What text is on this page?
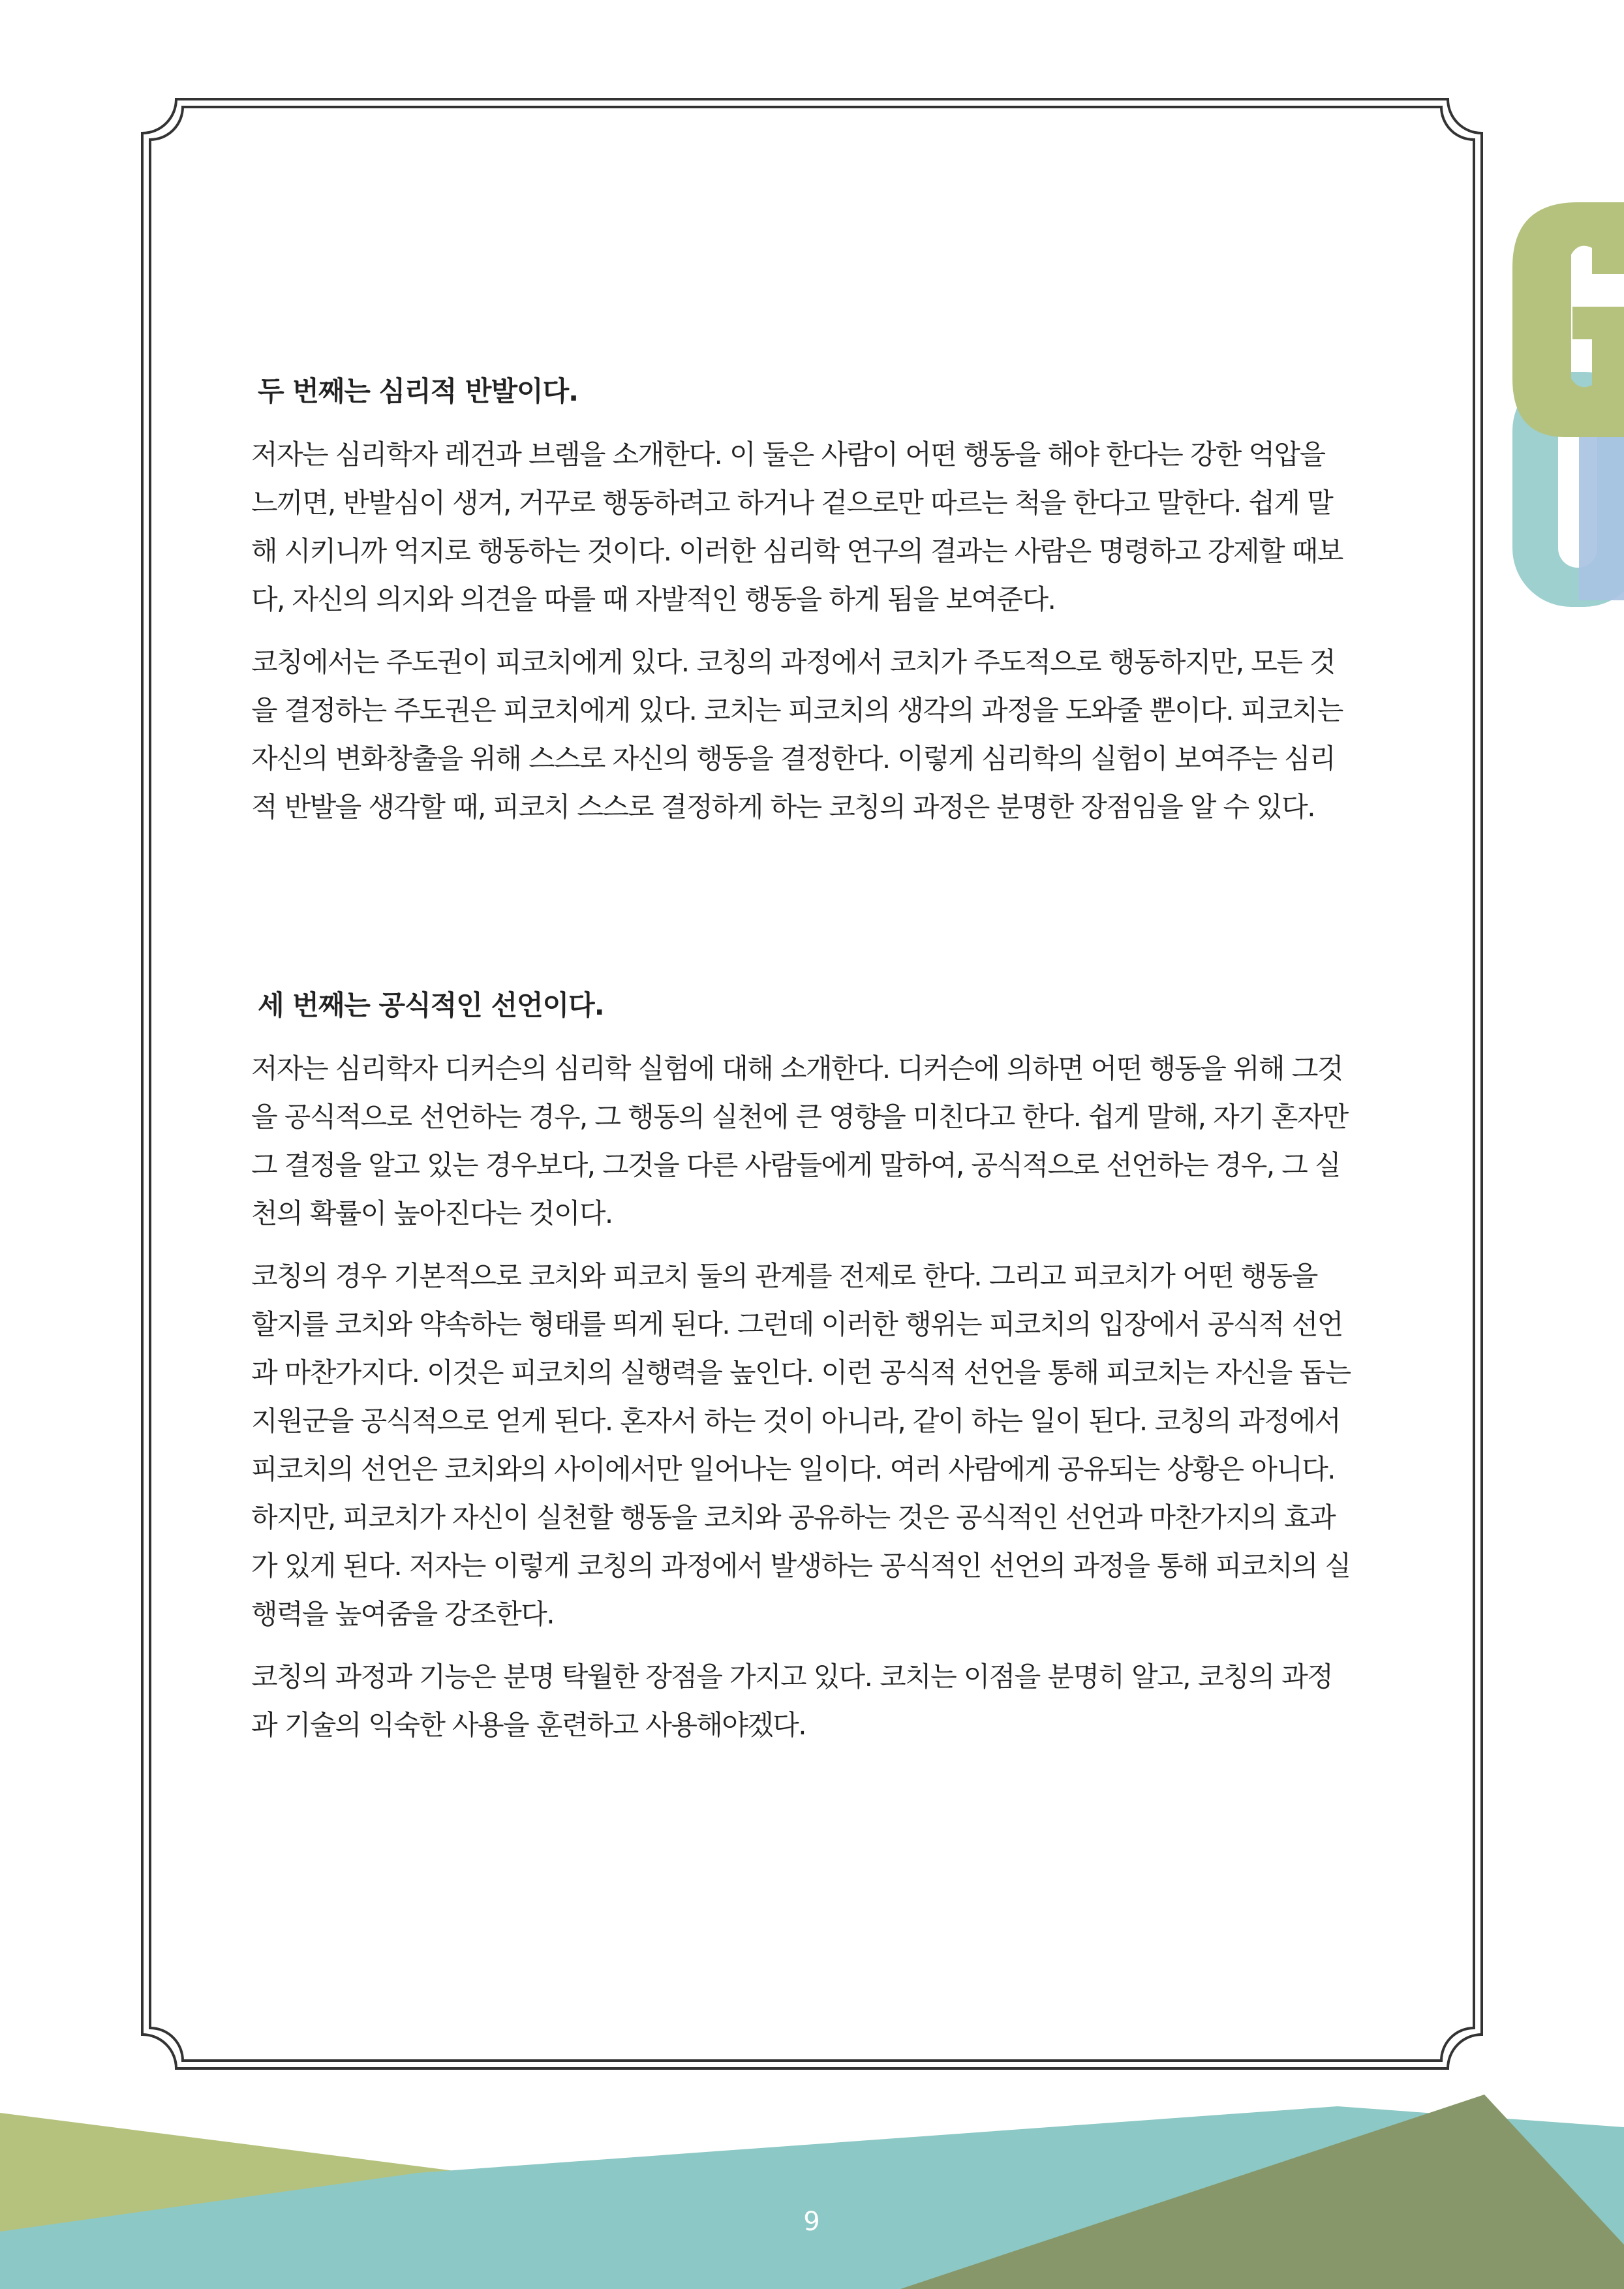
두 번째는 심리적 반발이다.

저자는 심리학자 레건과 브렘을 소개한다. 이 둘은 사람이 어떤 행동을 해야 한다는 강한 억압을
느끼면, 반발심이 생겨, 거꾸로 행동하려고 하거나 겉으로만 따르는 척을 한다고 말한다. 쉽게 말
해 시키니까 억지로 행동하는 것이다. 이러한 심리학 연구의 결과는 사람은 명령하고 강제할 때보
다, 자신의 의지와 의견을 따를 때 자발적인 행동을 하게 됨을 보여준다.

코칭에서는 주도권이 피코치에게 있다. 코칭의 과정에서 코치가 주도적으로 행동하지만, 모든 것
을 결정하는 주도권은 피코치에게 있다. 코치는 피코치의 생각의 과정을 도와줄 뿐이다. 피코치는
자신의 변화창출을 위해 스스로 자신의 행동을 결정한다. 이렇게 심리학의 실험이 보여주는 심리
적 반발을 생각할 때, 피코치 스스로 결정하게 하는 코칭의 과정은 분명한 장점임을 알 수 있다.

세 번째는 공식적인 선언이다.

저자는 심리학자 디커슨의 심리학 실험에 대해 소개한다. 디커슨에 의하면 어떤 행동을 위해 그것
을 공식적으로 선언하는 경우, 그 행동의 실천에 큰 영향을 미친다고 한다. 쉽게 말해, 자기 혼자만
그 결정을 알고 있는 경우보다, 그것을 다른 사람들에게 말하여, 공식적으로 선언하는 경우, 그 실
천의 확률이 높아진다는 것이다.

코칭의 경우 기본적으로 코치와 피코치 둘의 관계를 전제로 한다. 그리고 피코치가 어떤 행동을
할지를 코치와 약속하는 형태를 띄게 된다. 그런데 이러한 행위는 피코치의 입장에서 공식적 선언
과 마찬가지다. 이것은 피코치의 실행력을 높인다. 이런 공식적 선언을 통해 피코치는 자신을 돕는
지원군을 공식적으로 얻게 된다. 혼자서 하는 것이 아니라, 같이 하는 일이 된다. 코칭의 과정에서
피코치의 선언은 코치와의 사이에서만 일어나는 일이다. 여러 사람에게 공유되는 상황은 아니다.
하지만, 피코치가 자신이 실천할 행동을 코치와 공유하는 것은 공식적인 선언과 마찬가지의 효과
가 있게 된다. 저자는 이렇게 코칭의 과정에서 발생하는 공식적인 선언의 과정을 통해 피코치의 실
행력을 높여줌을 강조한다.

코칭의 과정과 기능은 분명 탁월한 장점을 가지고 있다. 코치는 이점을 분명히 알고, 코칭의 과정
과 기술의 익숙한 사용을 훈련하고 사용해야겠다.

9
